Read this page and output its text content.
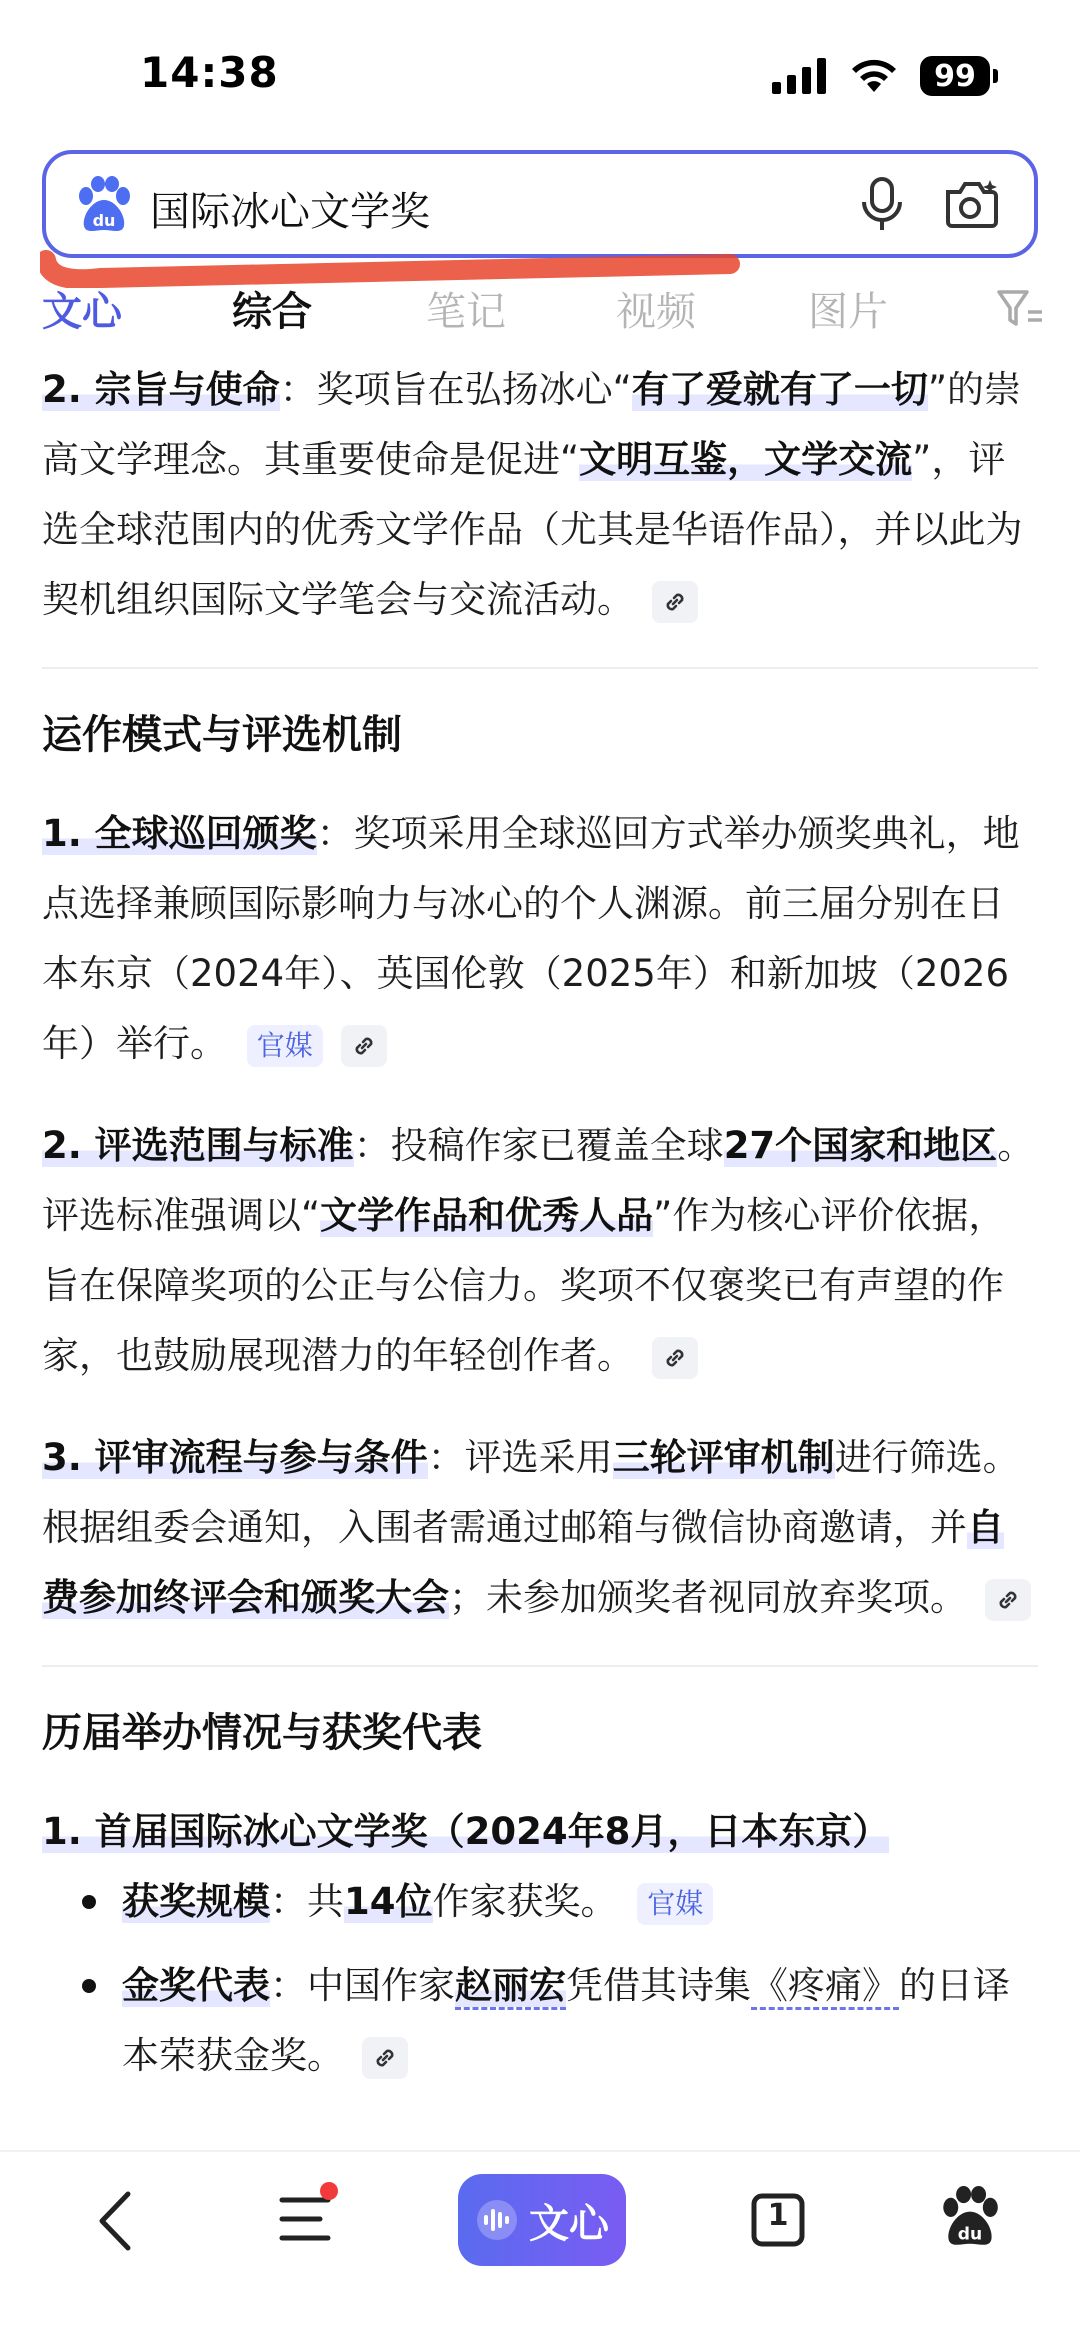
14:38	99
du 国际冰心文学奖
文心	综合	笔记	视频	图片

2. 宗旨与使命：奖项旨在弘扬冰心“有了爱就有了一切”的崇高文学理念。其重要使命是促进“文明互鉴，文学交流”，评选全球范围内的优秀文学作品（尤其是华语作品），并以此为契机组织国际文学笔会与交流活动。

运作模式与评选机制

1. 全球巡回颁奖：奖项采用全球巡回方式举办颁奖典礼，地点选择兼顾国际影响力与冰心的个人渊源。前三届分别在日本东京（2024年）、英国伦敦（2025年）和新加坡（2026年）举行。 官媒

2. 评选范围与标准：投稿作家已覆盖全球27个国家和地区。评选标准强调以“文学作品和优秀人品”作为核心评价依据，旨在保障奖项的公正与公信力。奖项不仅褒奖已有声望的作家，也鼓励展现潜力的年轻创作者。

3. 评审流程与参与条件：评选采用三轮评审机制进行筛选。根据组委会通知，入围者需通过邮箱与微信协商邀请，并自费参加终评会和颁奖大会；未参加颁奖者视同放弃奖项。

历届举办情况与获奖代表

1. 首届国际冰心文学奖（2024年8月，日本东京）

获奖规模：共14位作家获奖。 官媒
金奖代表：中国作家赵丽宏凭借其诗集《疼痛》的日译本荣获金奖。
文心	1
du
